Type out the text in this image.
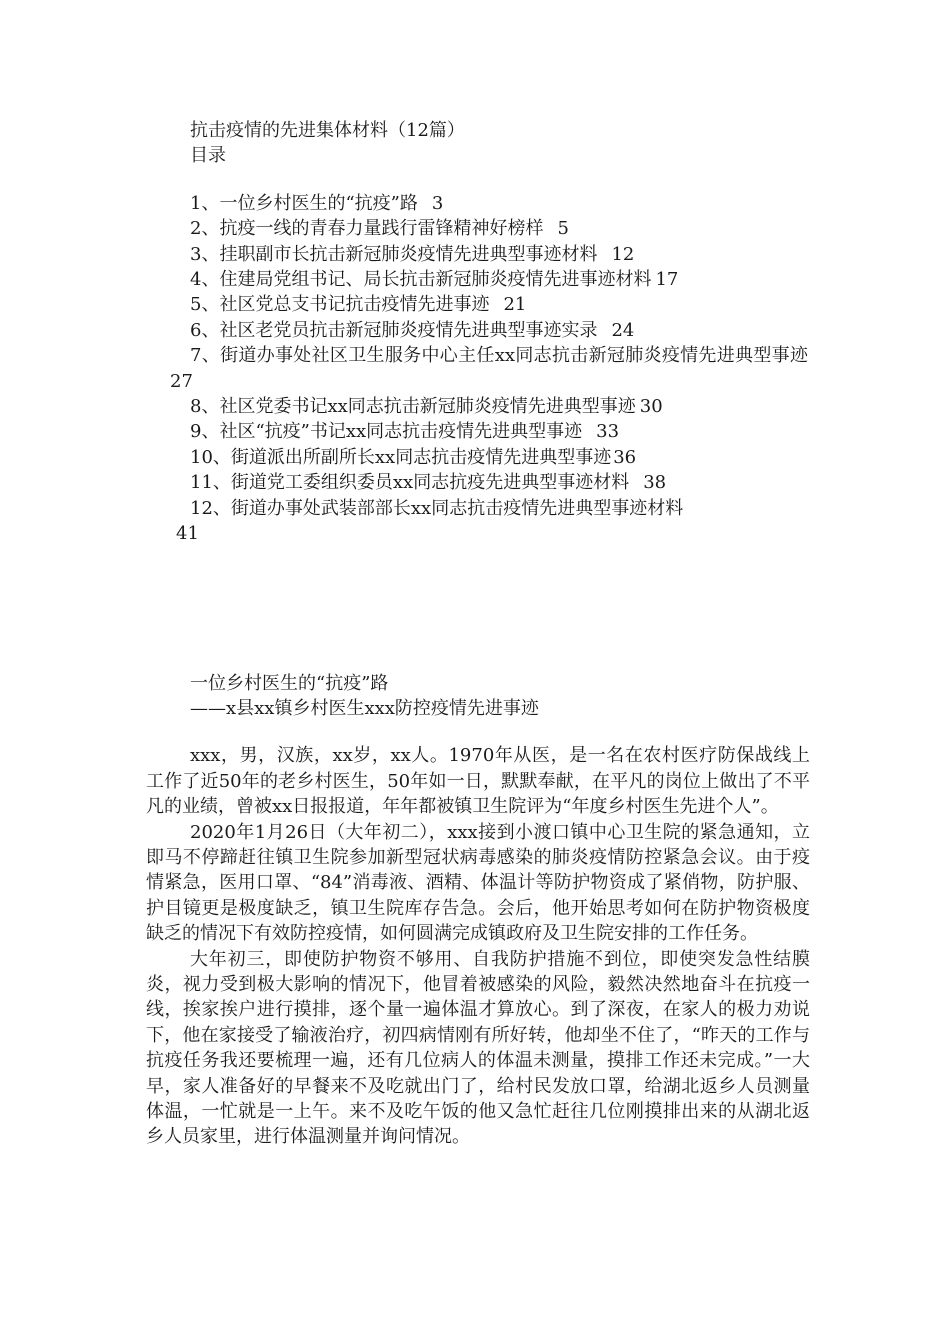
抗击疫情的先进集体材料（12篇）
目录
1、一位乡村医生的“抗疫”路 3
2、抗疫一线的青春力量践行雷锋精神好榜样 5
3、挂职副市长抗击新冠肺炎疫情先进典型事迹材料 12
4、住建局党组书记、局长抗击新冠肺炎疫情先进事迹材料 17
5、社区党总支书记抗击疫情先进事迹 21
6、社区老党员抗击新冠肺炎疫情先进典型事迹实录 24
7、街道办事处社区卫生服务中心主任xx同志抗击新冠肺炎疫情先进典型事迹27
8、社区党委书记xx同志抗击新冠肺炎疫情先进典型事迹 30
9、社区“抗疫”书记xx同志抗击疫情先进典型事迹 33
10、街道派出所副所长xx同志抗击疫情先进典型事迹 36
11、街道党工委组织委员xx同志抗疫先进典型事迹材料 38
12、街道办事处武装部部长xx同志抗击疫情先进典型事迹材料
41
一位乡村医生的“抗疫”路
——x县xx镇乡村医生xxx防控疫情先进事迹

xxx，男，汉族，xx岁，xx人。1970年从医，是一名在农村医疗防保战线上工作了近50年的老乡村医生，50年如一日，默默奉献，在平凡的岗位上做出了不平凡的业绩，曾被xx日报报道，年年都被镇卫生院评为“年度乡村医生先进个人”。

2020年1月26日（大年初二），xxx接到小渡口镇中心卫生院的紧急通知，立即马不停蹄赶往镇卫生院参加新型冠状病毒感染的肺炎疫情防控紧急会议。由于疫情紧急，医用口罩、“84”消毒液、酒精、体温计等防护物资成了紧俏物，防护服、护目镜更是极度缺乏，镇卫生院库存告急。会后，他开始思考如何在防护物资极度缺乏的情况下有效防控疫情，如何圆满完成镇政府及卫生院安排的工作任务。

大年初三，即使防护物资不够用、自我防护措施不到位，即使突发急性结膜炎，视力受到极大影响的情况下，他冒着被感染的风险，毅然决然地奋斗在抗疫一线，挨家挨户进行摸排，逐个量一遍体温才算放心。到了深夜，在家人的极力劝说下，他在家接受了输液治疗，初四病情刚有所好转，他却坐不住了，“昨天的工作与抗疫任务我还要梳理一遍，还有几位病人的体温未测量，摸排工作还未完成。”一大早，家人准备好的早餐来不及吃就出门了，给村民发放口罩，给湖北返乡人员测量体温，一忙就是一上午。来不及吃午饭的他又急忙赶往几位刚摸排出来的从湖北返乡人员家里，进行体温测量并询问情况。
